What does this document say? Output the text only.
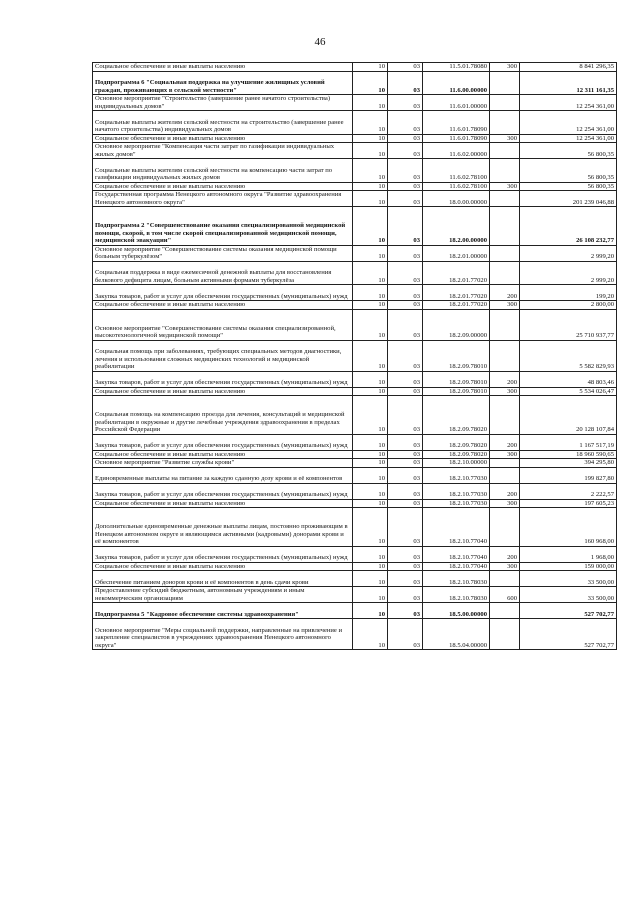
46
Социальное обеспечение и иные выплаты населению	10	03	11.5.01.78080	300	8 841 296,35
Подпрограмма 6 "Социальная поддержка на улучшение жилищных условий граждан, проживающих в сельской местности"	10	03	11.6.00.00000		12 311 161,35
Основное мероприятие "Строительство (завершение ранее начатого строительства) индивидуальных домов"	10	03	11.6.01.00000		12 254 361,00
Социальные выплаты жителям сельской местности на строительство (завершение ранее начатого строительства) индивидуальных домов	10	03	11.6.01.78090		12 254 361,00
Социальное обеспечение и иные выплаты населению	10	03	11.6.01.78090	300	12 254 361,00
Основное мероприятие "Компенсация части затрат по газификации индивидуальных жилых домов"	10	03	11.6.02.00000		56 800,35
Социальные выплаты жителям сельской местности на компенсацию части затрат по газификации индивидуальных жилых домов	10	03	11.6.02.78100		56 800,35
Социальное обеспечение и иные выплаты населению	10	03	11.6.02.78100	300	56 800,35
Государственная программа Ненецкого автономного округа "Развитие здравоохранения Ненецкого автономного округа"	10	03	18.0.00.00000		201 239 046,88
Подпрограмма 2 "Совершенствование оказания специализированной медицинской помощи, скорой, в том числе скорой специализированной медицинской помощи, медицинской эвакуации"	10	03	18.2.00.00000		26 108 232,77
Основное мероприятие "Совершенствование системы оказания медицинской помощи больным туберкулёзом"	10	03	18.2.01.00000		2 999,20
Социальная поддержка в виде ежемесячной денежной выплаты для восстановления белкового дефицита лицам, больным активными формами туберкулёза	10	03	18.2.01.77020		2 999,20
Закупка товаров, работ и услуг для обеспечения государственных (муниципальных) нужд	10	03	18.2.01.77020	200	199,20
Социальное обеспечение и иные выплаты населению	10	03	18.2.01.77020	300	2 800,00
Основное мероприятие "Совершенствование системы оказания специализированной, высокотехнологичной медицинской помощи"	10	03	18.2.09.00000		25 710 937,77
Социальная помощь при заболеваниях, требующих специальных методов диагностики, лечения и использования сложных медицинских технологий и медицинской реабилитации	10	03	18.2.09.78010		5 582 829,93
Закупка товаров, работ и услуг для обеспечения государственных (муниципальных) нужд	10	03	18.2.09.78010	200	48 803,46
Социальное обеспечение и иные выплаты населению	10	03	18.2.09.78010	300	5 534 026,47
Социальная помощь на компенсацию проезда для лечения, консультаций и медицинской реабилитации в окружные и другие лечебные учреждения здравоохранения в пределах Российской Федерации	10	03	18.2.09.78020		20 128 107,84
Закупка товаров, работ и услуг для обеспечения государственных (муниципальных) нужд	10	03	18.2.09.78020	200	1 167 517,19
Социальное обеспечение и иные выплаты населению	10	03	18.2.09.78020	300	18 960 590,65
Основное мероприятие "Развитие службы крови"	10	03	18.2.10.00000		394 295,80
Единовременные выплаты на питание за каждую сданную дозу крови и её компонентов	10	03	18.2.10.77030		199 827,80
Закупка товаров, работ и услуг для обеспечения государственных (муниципальных) нужд	10	03	18.2.10.77030	200	2 222,57
Социальное обеспечение и иные выплаты населению	10	03	18.2.10.77030	300	197 605,23
Дополнительные единовременные денежные выплаты лицам, постоянно проживающим в Ненецком автономном округе и являющимся активными (кадровыми) донорами крови и её компонентов	10	03	18.2.10.77040		160 968,00
Закупка товаров, работ и услуг для обеспечения государственных (муниципальных) нужд	10	03	18.2.10.77040	200	1 968,00
Социальное обеспечение и иные выплаты населению	10	03	18.2.10.77040	300	159 000,00
Обеспечение питанием доноров крови и её компонентов в день сдачи крови	10	03	18.2.10.78030		33 500,00
Предоставление субсидий бюджетным, автономным учреждениям и иным некоммерческим организациям	10	03	18.2.10.78030	600	33 500,00
Подпрограмма 5 "Кадровое обеспечение системы здравоохранения"	10	03	18.5.00.00000		527 702,77
Основное мероприятие "Меры социальной поддержки, направленные на привлечение и закрепление специалистов в учреждениях здравоохранения Ненецкого автономного округа"	10	03	18.5.04.00000		527 702,77
